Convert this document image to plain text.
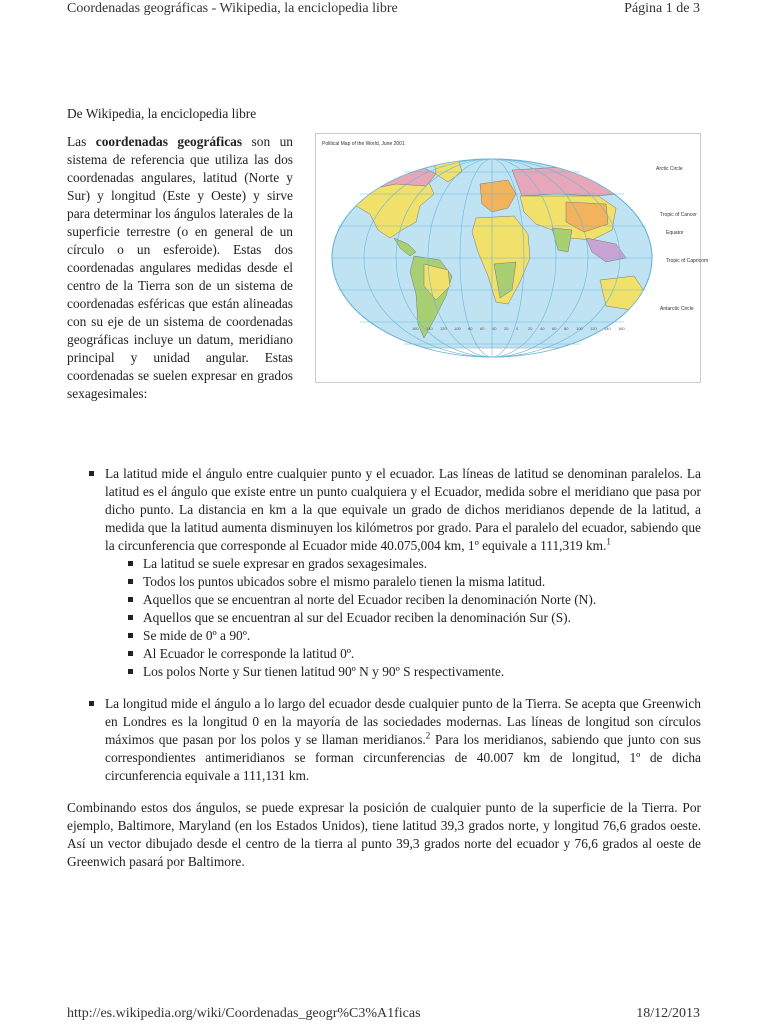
Coordenadas geográficas - Wikipedia, la enciclopedia libre	Página 1 de 3

De Wikipedia, la enciclopedia libre

Las coordenadas geográficas son un sistema de referencia que utiliza las dos coordenadas angulares, latitud (Norte y Sur) y longitud (Este y Oeste) y sirve para determinar los ángulos laterales de la superficie terrestre (o en general de un círculo o un esferoide). Estas dos coordenadas angulares medidas desde el centro de la Tierra son de un sistema de coordenadas esféricas que están alineadas con su eje de un sistema de coordenadas geográficas incluye un datum, meridiano principal y unidad angular. Estas coordenadas se suelen expresar en grados sexagesimales:

Political Map of the World, June 2001
Arctic Circle
Tropic of Cancer
Equator
Tropic of Capricorn
Antarctic Circle
160 140 120 100 80 60 40 20 0 20 40 60 80 100 120 140 160
La latitud mide el ángulo entre cualquier punto y el ecuador. Las líneas de latitud se denominan paralelos. La latitud es el ángulo que existe entre un punto cualquiera y el Ecuador, medida sobre el meridiano que pasa por dicho punto. La distancia en km a la que equivale un grado de dichos meridianos depende de la latitud, a medida que la latitud aumenta disminuyen los kilómetros por grado. Para el paralelo del ecuador, sabiendo que la circunferencia que corresponde al Ecuador mide 40.075,004 km, 1º equivale a 111,319 km.$^1$
La latitud se suele expresar en grados sexagesimales.
Todos los puntos ubicados sobre el mismo paralelo tienen la misma latitud.
Aquellos que se encuentran al norte del Ecuador reciben la denominación Norte (N).
Aquellos que se encuentran al sur del Ecuador reciben la denominación Sur (S).
Se mide de 0º a 90º.
Al Ecuador le corresponde la latitud 0º.
Los polos Norte y Sur tienen latitud 90º N y 90º S respectivamente.
La longitud mide el ángulo a lo largo del ecuador desde cualquier punto de la Tierra. Se acepta que Greenwich en Londres es la longitud 0 en la mayoría de las sociedades modernas. Las líneas de longitud son círculos máximos que pasan por los polos y se llaman meridianos.$^2$ Para los meridianos, sabiendo que junto con sus correspondientes antimeridianos se forman circunferencias de 40.007 km de longitud, 1º de dicha circunferencia equivale a 111,131 km.

Combinando estos dos ángulos, se puede expresar la posición de cualquier punto de la superficie de la Tierra. Por ejemplo, Baltimore, Maryland (en los Estados Unidos), tiene latitud 39,3 grados norte, y longitud 76,6 grados oeste. Así un vector dibujado desde el centro de la tierra al punto 39,3 grados norte del ecuador y 76,6 grados al oeste de Greenwich pasará por Baltimore.

http://es.wikipedia.org/wiki/Coordenadas_geogr%C3%A1ficas	18/12/2013
